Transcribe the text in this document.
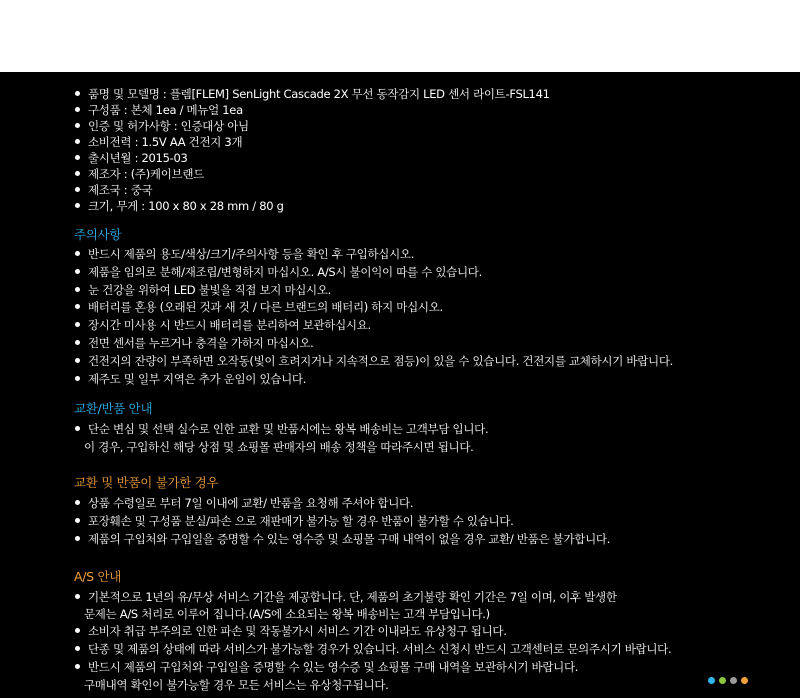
품명 및 모델명 : 플렘[FLEM] SenLight Cascade 2X 무선 동작감지 LED 센서 라이트-FSL141
구성품 : 본체 1ea / 메뉴얼 1ea
인증 및 허가사항 : 인증대상 아님
소비전력 : 1.5V AA 건전지 3개
출시년월 : 2015-03
제조자 : (주)케이브랜드
제조국 : 중국
크기, 무게 : 100 x 80 x 28 mm / 80 g
주의사항
반드시 제품의 용도/색상/크기/주의사항 등을 확인 후 구입하십시오.
제품을 임의로 분해/재조립/변형하지 마십시오. A/S시 불이익이 따를 수 있습니다.
눈 건강을 위하여 LED 불빛을 직접 보지 마십시오.
배터리를 혼용 (오래된 것과 새 것 / 다른 브랜드의 배터리) 하지 마십시오.
장시간 미사용 시 반드시 배터리를 분리하여 보관하십시요.
전면 센서를 누르거나 충격을 가하지 마십시오.
건전지의 잔량이 부족하면 오작동(빛이 흐려지거나 지속적으로 점등)이 있을 수 있습니다. 건전지를 교체하시기 바랍니다.
제주도 및 일부 지역은 추가 운임이 있습니다.
교환/반품 안내
단순 변심 및 선택 실수로 인한 교환 및 반품시에는 왕복 배송비는 고객부담 입니다.
이 경우, 구입하신 해당 상점 및 쇼핑몰 판매자의 배송 정책을 따라주시면 됩니다.
교환 및 반품이 불가한 경우
상품 수령일로 부터 7일 이내에 교환/ 반품을 요청해 주셔야 합니다.
포장훼손 및 구성품 분실/파손 으로 재판매가 불가능 할 경우 반품이 불가할 수 있습니다.
제품의 구입처와 구입일을 증명할 수 있는 영수증 및 쇼핑몰 구매 내역이 없을 경우 교환/ 반품은 불가합니다.
A/S 안내
기본적으로 1년의 유/무상 서비스 기간을 제공합니다. 단, 제품의 초기불량 확인 기간은 7일 이며, 이후 발생한
문제는 A/S 처리로 이루어 집니다.(A/S에 소요되는 왕복 배송비는 고객 부담입니다.)
소비자 취급 부주의로 인한 파손 및 작동불가시 서비스 기간 이내라도 유상청구 됩니다.
단종 및 제품의 상태에 따라 서비스가 불가능할 경우가 있습니다. 서비스 신청시 반드시 고객센터로 문의주시기 바랍니다.
반드시 제품의 구입처와 구입일을 증명할 수 있는 영수증 및 쇼핑몰 구매 내역을 보관하시기 바랍니다.
구매내역 확인이 불가능할 경우 모든 서비스는 유상청구됩니다.
